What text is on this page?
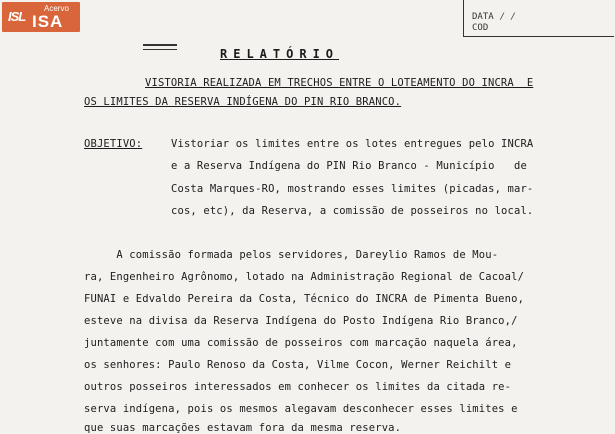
ISL
Acervo
ISA	DATA / /
COD
RELATÓRIO
VISTORIA REALIZADA EM TRECHOS ENTRE O LOTEAMENTO DO INCRA  E
OS LIMITES DA RESERVA INDÍGENA DO PIN RIO BRANCO.
OBJETIVO:	Vistoriar os limites entre os lotes entregues pelo INCRA
e a Reserva Indígena do PIN Rio Branco - Município   de
Costa Marques-RO, mostrando esses limites (picadas, mar-
cos, etc), da Reserva, a comissão de posseiros no local.
A comissão formada pelos servidores, Dareylio Ramos de Mou-
ra, Engenheiro Agrônomo, lotado na Administração Regional de Cacoal/
FUNAI e Edvaldo Pereira da Costa, Técnico do INCRA de Pimenta Bueno,
esteve na divisa da Reserva Indígena do Posto Indígena Rio Branco,/
juntamente com uma comissão de posseiros com marcação naquela área,
os senhores: Paulo Renoso da Costa, Vilme Cocon, Werner Reichilt e
outros posseiros interessados em conhecer os limites da citada re-
serva indígena, pois os mesmos alegavam desconhecer esses limites e
que suas marcações estavam fora da mesma reserva.
